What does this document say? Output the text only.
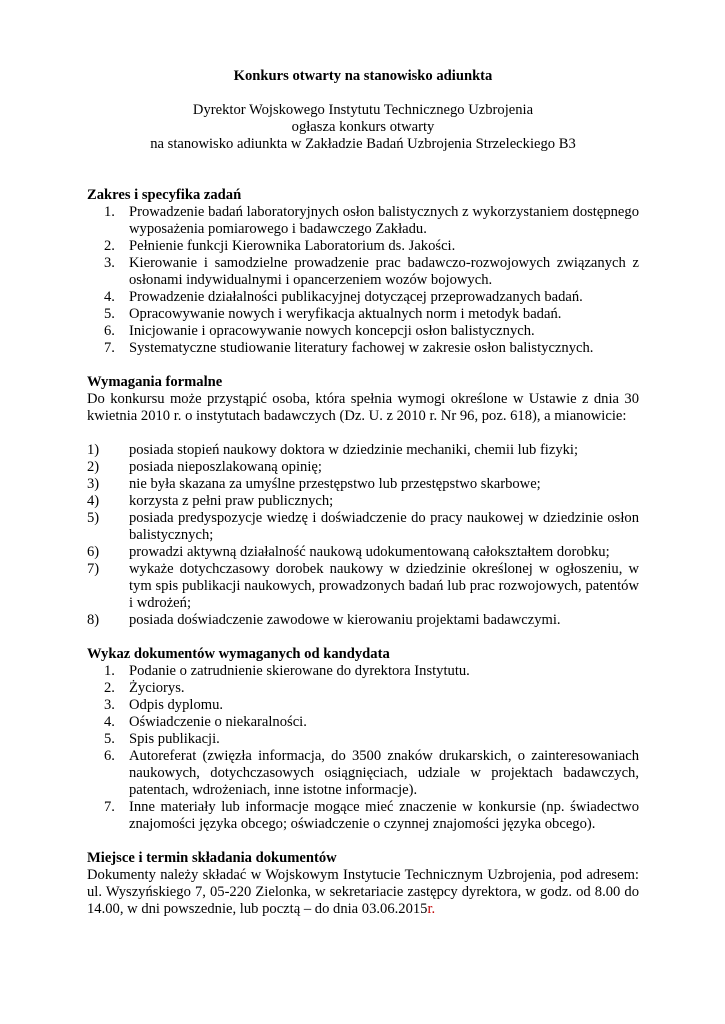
Konkurs otwarty na stanowisko adiunkta

Dyrektor Wojskowego Instytutu Technicznego Uzbrojenia

ogłasza konkurs otwarty

na stanowisko adiunkta w Zakładzie Badań Uzbrojenia Strzeleckiego B3

Zakres i specyfika zadań

1. Prowadzenie badań laboratoryjnych osłon balistycznych z wykorzystaniem dostępnego wyposażenia pomiarowego i badawczego Zakładu.
2. Pełnienie funkcji Kierownika Laboratorium ds. Jakości.
3. Kierowanie i samodzielne prowadzenie prac badawczo-rozwojowych związanych z osłonami indywidualnymi i opancerzeniem wozów bojowych.
4. Prowadzenie działalności publikacyjnej dotyczącej przeprowadzanych badań.
5. Opracowywanie nowych i weryfikacja aktualnych norm i metodyk badań.
6. Inicjowanie i opracowywanie nowych koncepcji osłon balistycznych.
7. Systematyczne studiowanie literatury fachowej w zakresie osłon balistycznych.

Wymagania formalne

Do konkursu może przystąpić osoba, która spełnia wymogi określone w Ustawie z dnia 30 kwietnia 2010 r. o instytutach badawczych (Dz. U. z 2010 r. Nr 96, poz. 618), a mianowicie:

1) posiada stopień naukowy doktora w dziedzinie mechaniki, chemii lub fizyki;
2) posiada nieposzlakowaną opinię;
3) nie była skazana za umyślne przestępstwo lub przestępstwo skarbowe;
4) korzysta z pełni praw publicznych;
5) posiada predyspozycje wiedzę i doświadczenie do pracy naukowej w dziedzinie osłon balistycznych;
6) prowadzi aktywną działalność naukową udokumentowaną całokształtem dorobku;
7) wykaże dotychczasowy dorobek naukowy w dziedzinie określonej w ogłoszeniu, w tym spis publikacji naukowych, prowadzonych badań lub prac rozwojowych, patentów i wdrożeń;
8) posiada doświadczenie zawodowe w kierowaniu projektami badawczymi.

Wykaz dokumentów wymaganych od kandydata

1. Podanie o zatrudnienie skierowane do dyrektora Instytutu.
2. Życiorys.
3. Odpis dyplomu.
4. Oświadczenie o niekaralności.
5. Spis publikacji.
6. Autoreferat (zwięzła informacja, do 3500 znaków drukarskich, o zainteresowaniach naukowych, dotychczasowych osiągnięciach, udziale w projektach badawczych, patentach, wdrożeniach, inne istotne informacje).
7. Inne materiały lub informacje mogące mieć znaczenie w konkursie (np. świadectwo znajomości języka obcego; oświadczenie o czynnej znajomości języka obcego).

Miejsce i termin składania dokumentów

Dokumenty należy składać w Wojskowym Instytucie Technicznym Uzbrojenia, pod adresem: ul. Wyszyńskiego 7, 05-220 Zielonka, w sekretariacie zastępcy dyrektora, w godz. od 8.00 do 14.00, w dni powszednie, lub pocztą – do dnia 03.06.2015r.
